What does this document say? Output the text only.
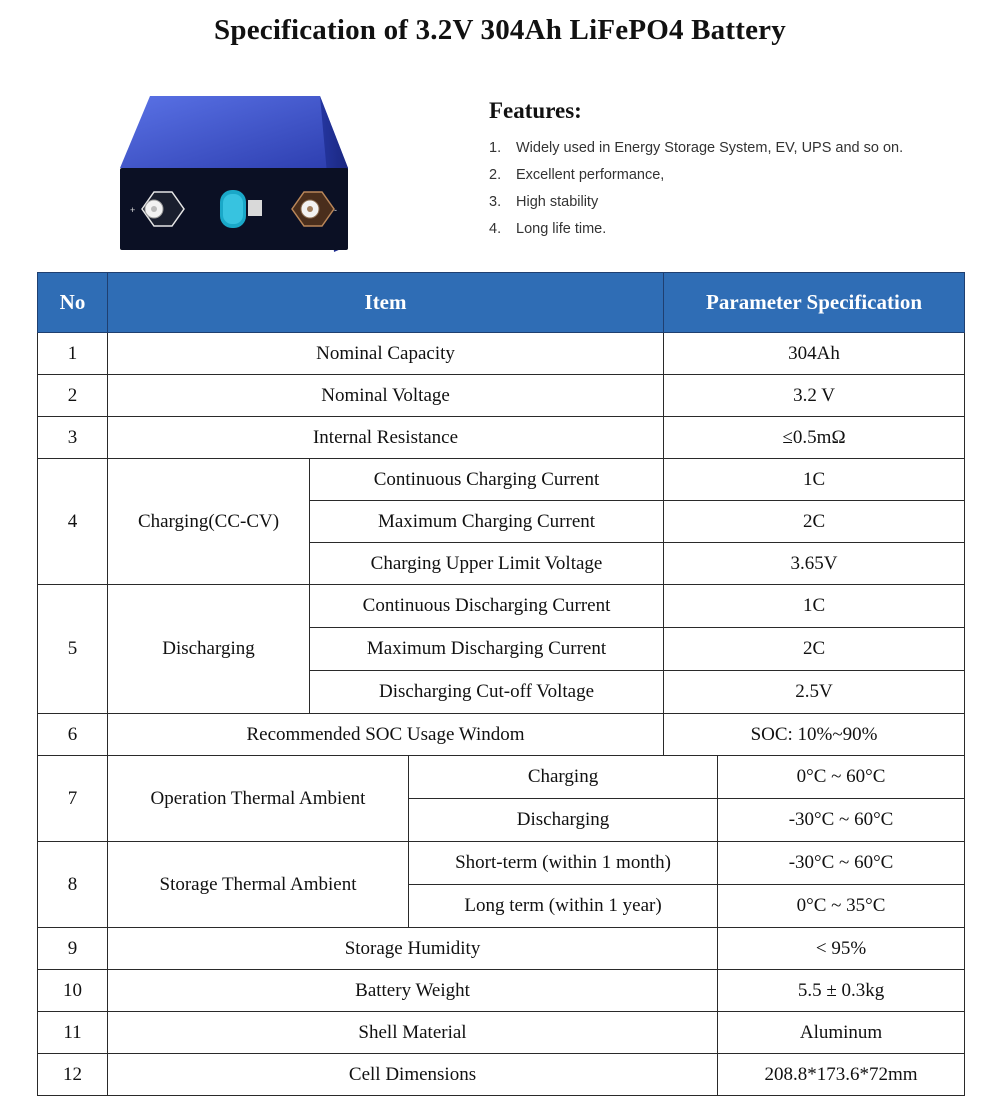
Specification of 3.2V 304Ah LiFePO4 Battery
+	-
Features:
1.	Widely used in Energy Storage System, EV, UPS and so on.
2.	Excellent performance,
3.	High stability
4.	Long life time.
No	Item			Parameter Specification	
1	Nominal Capacity			304Ah	
2	Nominal Voltage			3.2 V	
3	Internal Resistance			≤0.5mΩ	
4	Charging(CC-CV)	Continuous Charging Current		1C	
		Maximum Charging Current		2C	
		Charging Upper Limit Voltage		3.65V	
5	Discharging	Continuous Discharging Current		1C	
		Maximum Discharging Current		2C	
		Discharging Cut-off Voltage		2.5V	
6	Recommended SOC Usage Windom			SOC: 10%~90%	
7	Operation Thermal Ambient		Charging		0°C ~ 60°C
			Discharging		-30°C ~ 60°C
8	Storage Thermal Ambient		Short-term (within 1 month)		-30°C ~ 60°C
			Long term (within 1 year)		0°C ~ 35°C
9	Storage Humidity				< 95%
10	Battery Weight				5.5 ± 0.3kg
11	Shell Material				Aluminum
12	Cell Dimensions				208.8*173.6*72mm
